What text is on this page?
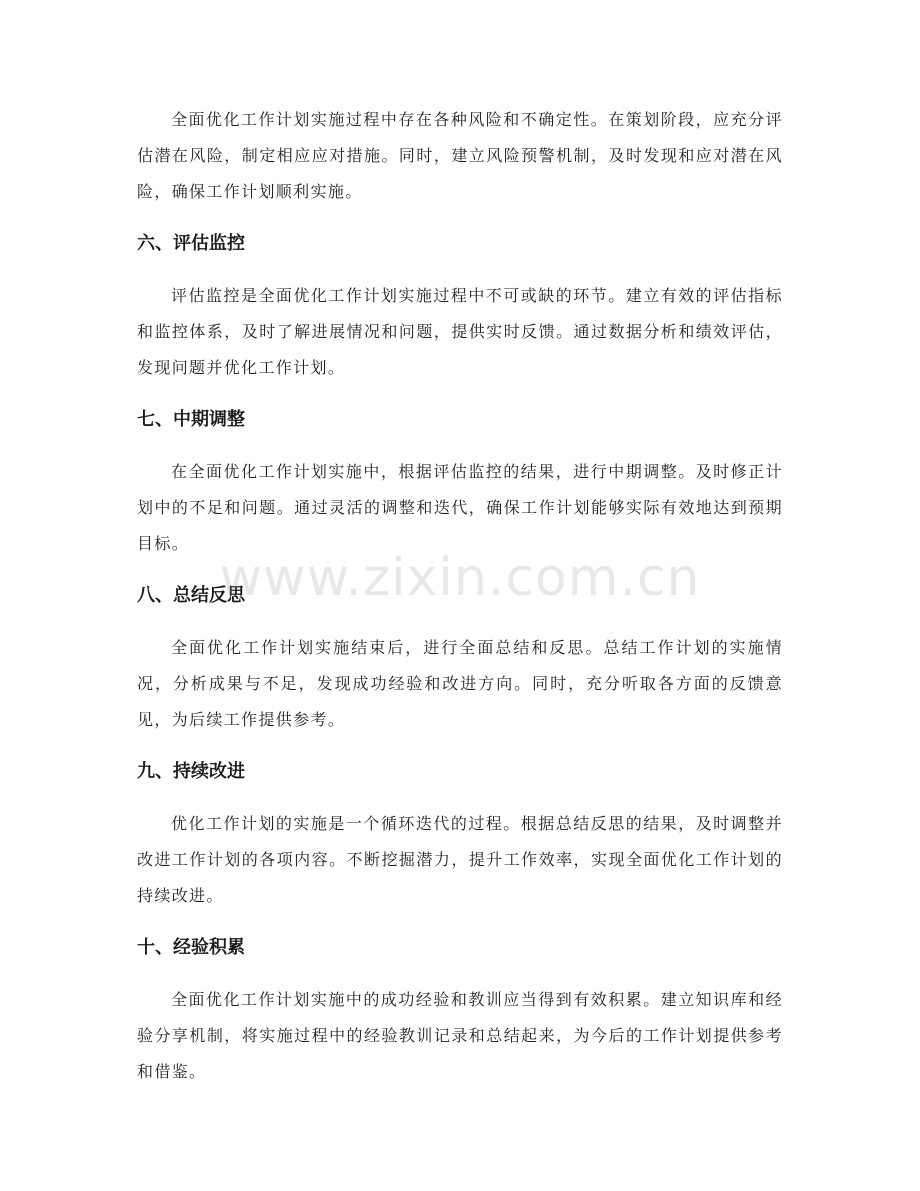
全面优化工作计划实施过程中存在各种风险和不确定性。在策划阶段，应充分评估潜在风险，制定相应应对措施。同时，建立风险预警机制，及时发现和应对潜在风险，确保工作计划顺利实施。

六、评估监控

评估监控是全面优化工作计划实施过程中不可或缺的环节。建立有效的评估指标和监控体系，及时了解进展情况和问题，提供实时反馈。通过数据分析和绩效评估，发现问题并优化工作计划。

七、中期调整

在全面优化工作计划实施中，根据评估监控的结果，进行中期调整。及时修正计划中的不足和问题。通过灵活的调整和迭代，确保工作计划能够实际有效地达到预期目标。

八、总结反思

全面优化工作计划实施结束后，进行全面总结和反思。总结工作计划的实施情况，分析成果与不足，发现成功经验和改进方向。同时，充分听取各方面的反馈意见，为后续工作提供参考。

九、持续改进

优化工作计划的实施是一个循环迭代的过程。根据总结反思的结果，及时调整并改进工作计划的各项内容。不断挖掘潜力，提升工作效率，实现全面优化工作计划的持续改进。

十、经验积累

全面优化工作计划实施中的成功经验和教训应当得到有效积累。建立知识库和经验分享机制，将实施过程中的经验教训记录和总结起来，为今后的工作计划提供参考和借鉴。

www.zixin.com.cn
